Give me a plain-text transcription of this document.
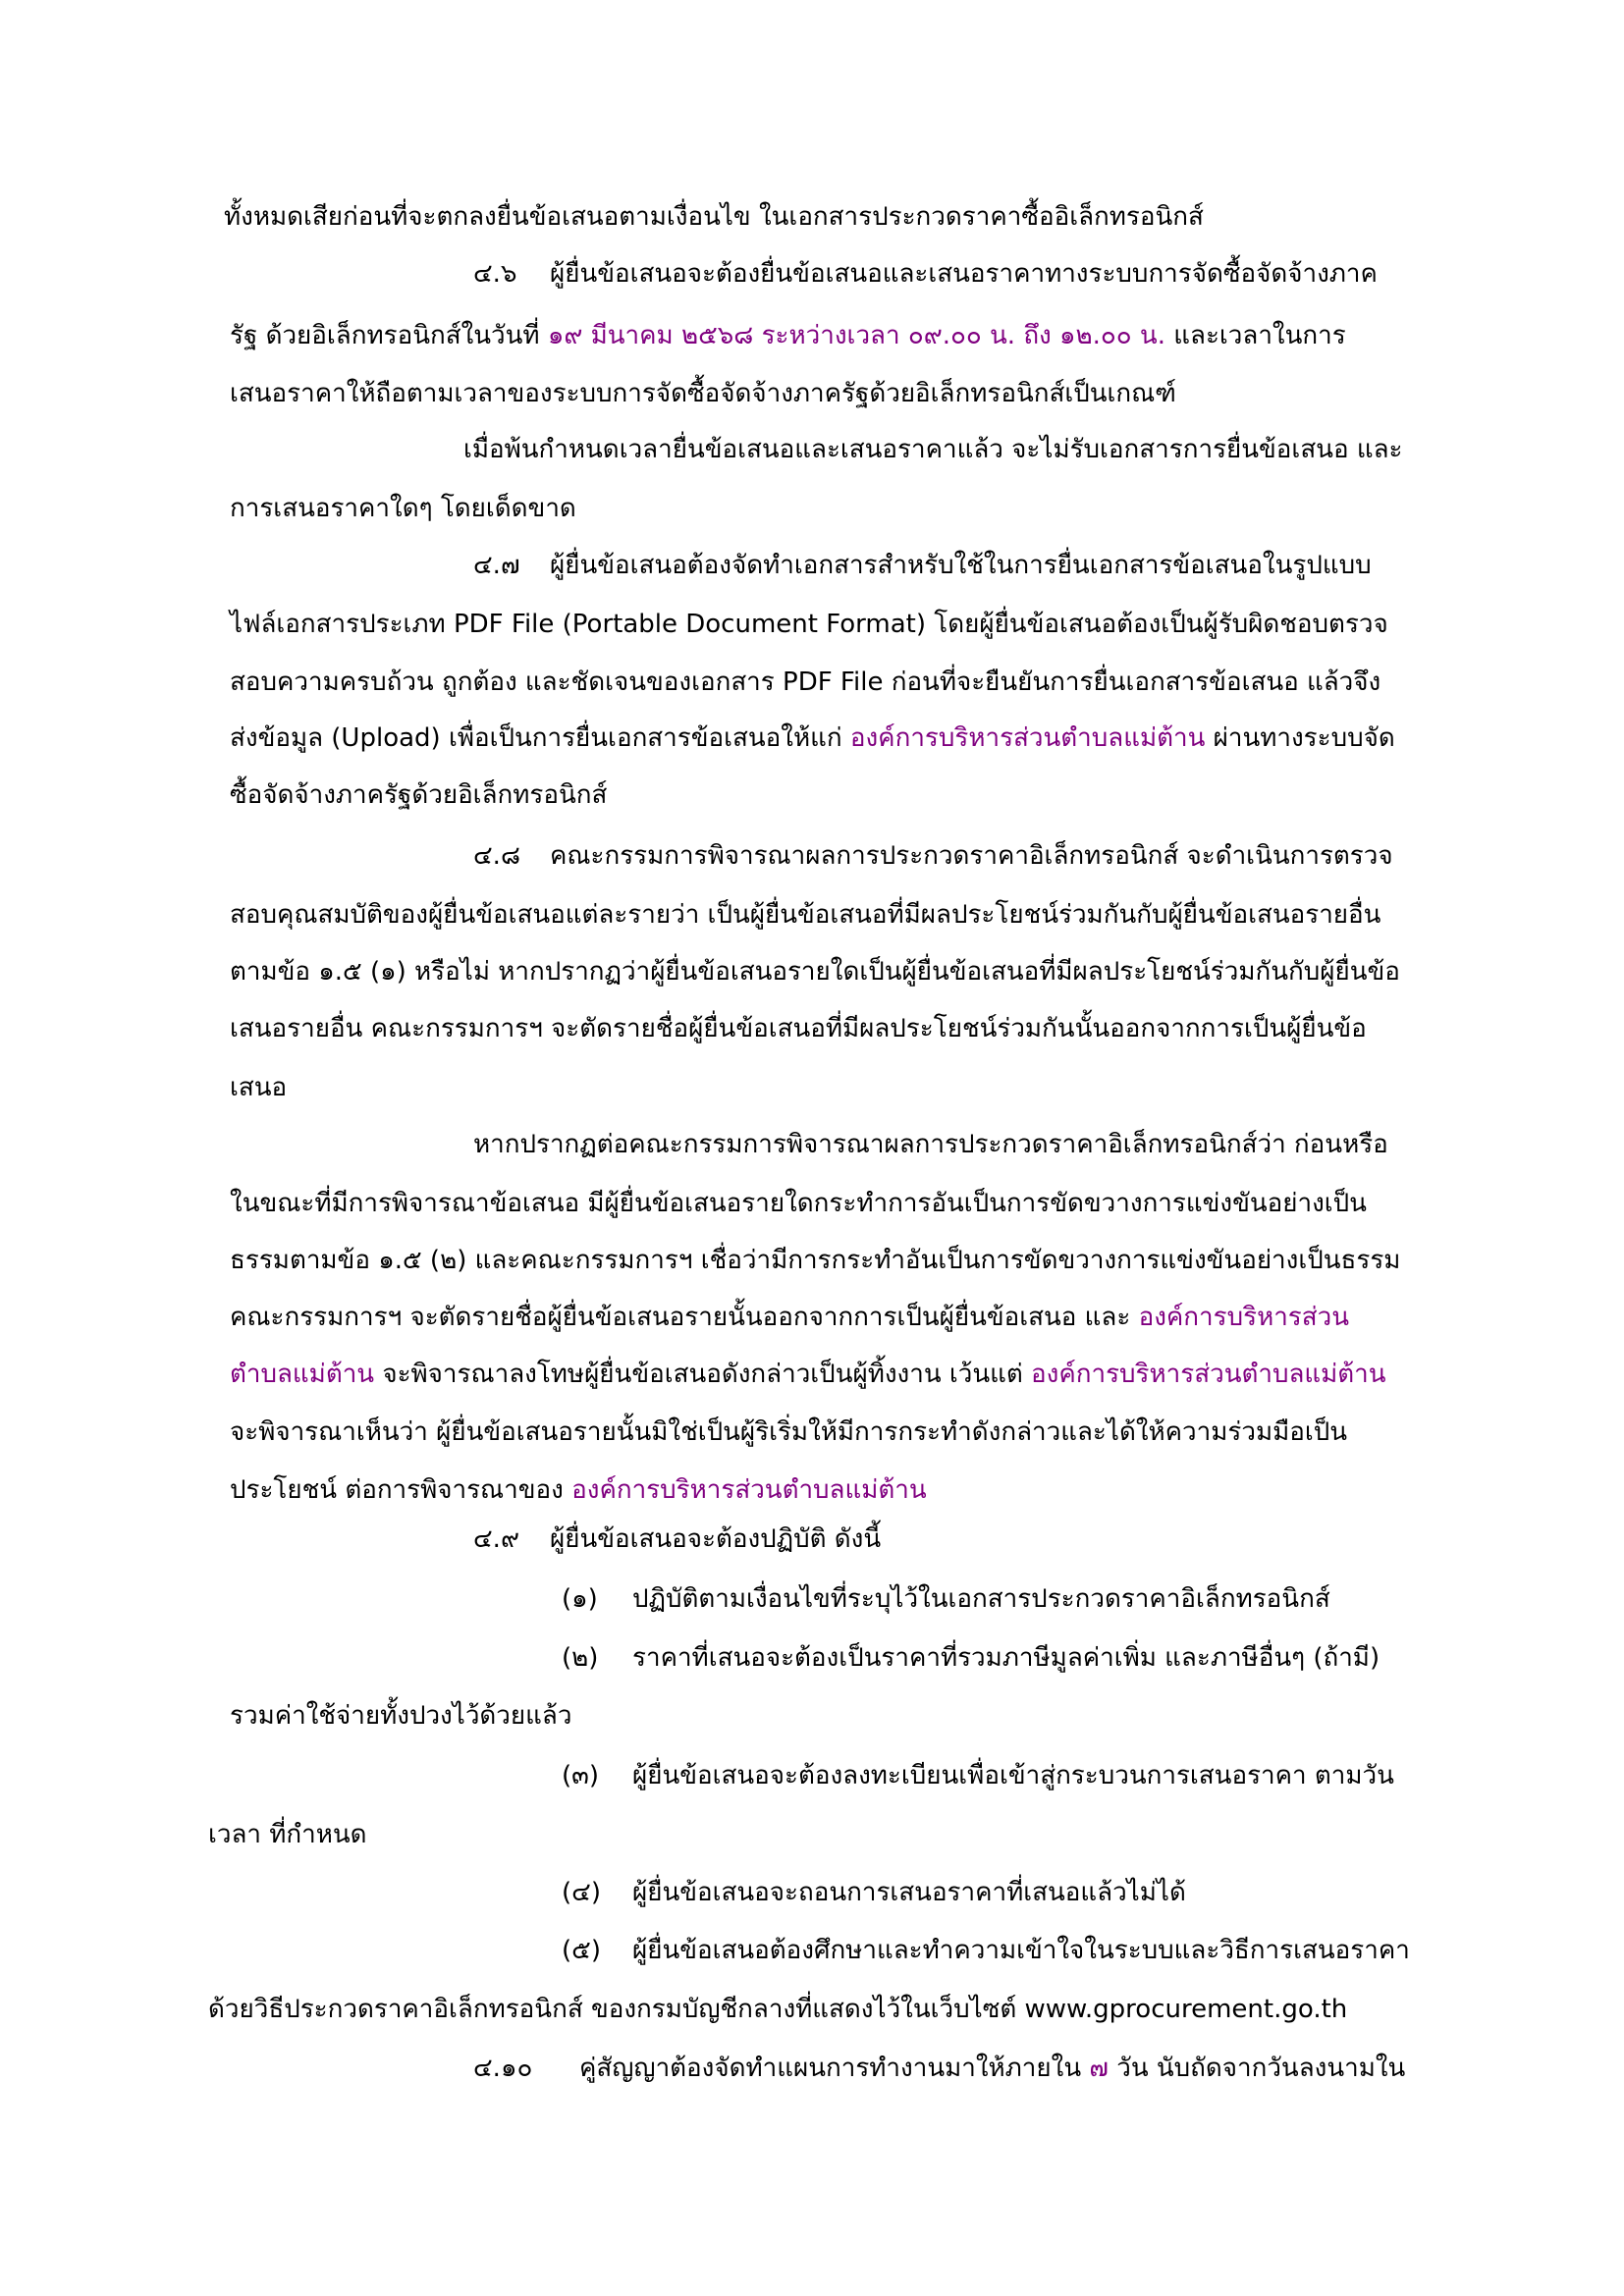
ทั้งหมดเสียก่อนที่จะตกลงยื่นข้อเสนอตามเงื่อนไข ในเอกสารประกวดราคาซื้ออิเล็กทรอนิกส์
๔.๖ ผู้ยื่นข้อเสนอจะต้องยื่นข้อเสนอและเสนอราคาทางระบบการจัดซื้อจัดจ้างภาค
รัฐ ด้วยอิเล็กทรอนิกส์ในวันที่ ๑๙ มีนาคม ๒๕๖๘ ระหว่างเวลา ๐๙.๐๐ น. ถึง ๑๒.๐๐ น. และเวลาในการ
เสนอราคาให้ถือตามเวลาของระบบการจัดซื้อจัดจ้างภาครัฐด้วยอิเล็กทรอนิกส์เป็นเกณฑ์
เมื่อพ้นกำหนดเวลายื่นข้อเสนอและเสนอราคาแล้ว จะไม่รับเอกสารการยื่นข้อเสนอ และ
การเสนอราคาใดๆ โดยเด็ดขาด
๔.๗ ผู้ยื่นข้อเสนอต้องจัดทำเอกสารสำหรับใช้ในการยื่นเอกสารข้อเสนอในรูปแบบ
ไฟล์เอกสารประเภท PDF File (Portable Document Format) โดยผู้ยื่นข้อเสนอต้องเป็นผู้รับผิดชอบตรวจ
สอบความครบถ้วน ถูกต้อง และชัดเจนของเอกสาร PDF File ก่อนที่จะยืนยันการยื่นเอกสารข้อเสนอ แล้วจึง
ส่งข้อมูล (Upload) เพื่อเป็นการยื่นเอกสารข้อเสนอให้แก่ องค์การบริหารส่วนตำบลแม่ต้าน ผ่านทางระบบจัด
ซื้อจัดจ้างภาครัฐด้วยอิเล็กทรอนิกส์
๔.๘ คณะกรรมการพิจารณาผลการประกวดราคาอิเล็กทรอนิกส์ จะดำเนินการตรวจ
สอบคุณสมบัติของผู้ยื่นข้อเสนอแต่ละรายว่า เป็นผู้ยื่นข้อเสนอที่มีผลประโยชน์ร่วมกันกับผู้ยื่นข้อเสนอรายอื่น
ตามข้อ ๑.๕ (๑) หรือไม่ หากปรากฏว่าผู้ยื่นข้อเสนอรายใดเป็นผู้ยื่นข้อเสนอที่มีผลประโยชน์ร่วมกันกับผู้ยื่นข้อ
เสนอรายอื่น คณะกรรมการฯ จะตัดรายชื่อผู้ยื่นข้อเสนอที่มีผลประโยชน์ร่วมกันนั้นออกจากการเป็นผู้ยื่นข้อ
เสนอ
หากปรากฏต่อคณะกรรมการพิจารณาผลการประกวดราคาอิเล็กทรอนิกส์ว่า ก่อนหรือ
ในขณะที่มีการพิจารณาข้อเสนอ มีผู้ยื่นข้อเสนอรายใดกระทำการอันเป็นการขัดขวางการแข่งขันอย่างเป็น
ธรรมตามข้อ ๑.๕ (๒) และคณะกรรมการฯ เชื่อว่ามีการกระทำอันเป็นการขัดขวางการแข่งขันอย่างเป็นธรรม
คณะกรรมการฯ จะตัดรายชื่อผู้ยื่นข้อเสนอรายนั้นออกจากการเป็นผู้ยื่นข้อเสนอ และ องค์การบริหารส่วน
ตำบลแม่ต้าน จะพิจารณาลงโทษผู้ยื่นข้อเสนอดังกล่าวเป็นผู้ทิ้งงาน เว้นแต่ องค์การบริหารส่วนตำบลแม่ต้าน
จะพิจารณาเห็นว่า ผู้ยื่นข้อเสนอรายนั้นมิใช่เป็นผู้ริเริ่มให้มีการกระทำดังกล่าวและได้ให้ความร่วมมือเป็น
ประโยชน์ ต่อการพิจารณาของ องค์การบริหารส่วนตำบลแม่ต้าน
๔.๙ ผู้ยื่นข้อเสนอจะต้องปฏิบัติ ดังนี้
(๑) ปฏิบัติตามเงื่อนไขที่ระบุไว้ในเอกสารประกวดราคาอิเล็กทรอนิกส์
(๒) ราคาที่เสนอจะต้องเป็นราคาที่รวมภาษีมูลค่าเพิ่ม และภาษีอื่นๆ (ถ้ามี)
รวมค่าใช้จ่ายทั้งปวงไว้ด้วยแล้ว
(๓) ผู้ยื่นข้อเสนอจะต้องลงทะเบียนเพื่อเข้าสู่กระบวนการเสนอราคา ตามวัน
เวลา ที่กำหนด
(๔) ผู้ยื่นข้อเสนอจะถอนการเสนอราคาที่เสนอแล้วไม่ได้
(๕) ผู้ยื่นข้อเสนอต้องศึกษาและทำความเข้าใจในระบบและวิธีการเสนอราคา
ด้วยวิธีประกวดราคาอิเล็กทรอนิกส์ ของกรมบัญชีกลางที่แสดงไว้ในเว็บไซต์ www.gprocurement.go.th
๔.๑๐ คู่สัญญาต้องจัดทำแผนการทำงานมาให้ภายใน ๗ วัน นับถัดจากวันลงนามใน
